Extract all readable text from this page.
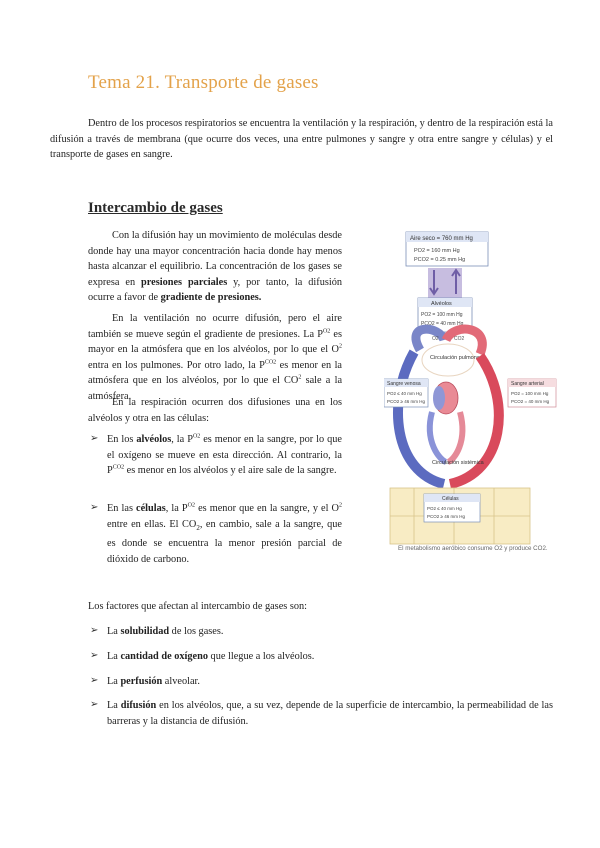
Tema 21. Transporte de gases
Dentro de los procesos respiratorios se encuentra la ventilación y la respiración, y dentro de la respiración está la difusión a través de membrana (que ocurre dos veces, una entre pulmones y sangre y otra entre sangre y células) y el transporte de gases en sangre.
Intercambio de gases
Con la difusión hay un movimiento de moléculas desde donde hay una mayor concentración hacia donde hay menos hasta alcanzar el equilibrio. La concentración de los gases se expresa en presiones parciales y, por tanto, la difusión ocurre a favor de gradiente de presiones.
En la ventilación no ocurre difusión, pero el aire también se mueve según el gradiente de presiones. La $P^{O2}$ es mayor en la atmósfera que en los alvéolos, por lo que el $O^2$ entra en los pulmones. Por otro lado, la $P^{CO2}$ es menor en la atmósfera que en los alvéolos, por lo que el $CO^2$ sale a la atmósfera.
En la respiración ocurren dos difusiones una en los alvéolos y otra en las células:
➢ En los alvéolos, la $P^{O2}$ es menor en la sangre, por lo que el oxígeno se mueve en esta dirección. Al contrario, la $P^{CO2}$ es menor en los alvéolos y el aire sale de la sangre.
➢ En las células, la $P^{O2}$ es menor que en la sangre, y el $O^2$ entre en ellas. El $CO_2$, en cambio, sale a la sangre, que es donde se encuentra la menor presión parcial de dióxido de carbono.
Aire seco = 760 mm Hg
PO2 = 160 mm Hg
PCO2 = 0.25 mm Hg
Alvéolos
PO2 = 100 mm Hg
PCO2 = 40 mm Hg
Circulación pulmonar
O2	CO2
Circulación sistémica
Sangre venosa
PO2 ≤ 40 mm Hg
PCO2 ≥ 46 mm Hg
Sangre arterial
PO2 = 100 mm Hg
PCO2 = 40 mm Hg
Células
PO2 ≤ 40 mm Hg
PCO2 ≥ 46 mm Hg
El metabolismo aeróbico consume O2 y produce CO2.
Los factores que afectan al intercambio de gases son:
➢ La solubilidad de los gases.
➢ La cantidad de oxígeno que llegue a los alvéolos.
➢ La perfusión alveolar.
➢ La difusión en los alvéolos, que, a su vez, depende de la superficie de intercambio, la permeabilidad de las barreras y la distancia de difusión.
